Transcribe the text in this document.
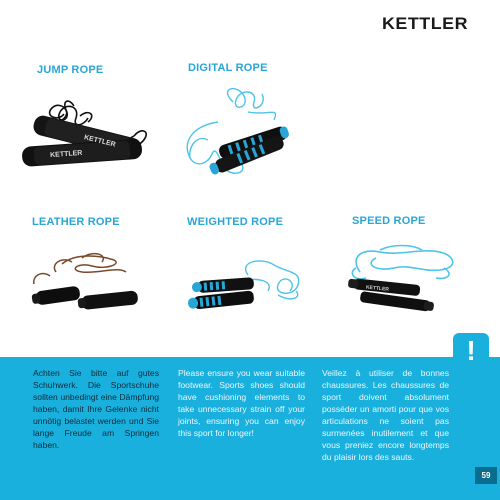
KETTLER
JUMP ROPE	DIGITAL ROPE
LEATHER ROPE	WEIGHTED ROPE	SPEED ROPE
KETTLER
KETTLER
KETTLER
Achten Sie bitte auf gutes Schuhwerk. Die Sportschuhe sollten unbedingt eine Dämpfung haben, damit Ihre Gelenke nicht unnötig belastet werden und Sie lange Freude am Springen haben.
Please ensure you wear suitable footwear. Sports shoes should have cushioning elements to take unnecessary strain off your joints, ensuring you can enjoy this sport for longer!
Veillez à utiliser de bonnes chaussures. Les chaussures de sport doivent absolument posséder un amorti pour que vos articulations ne soient pas surmenées inutilement et que vous preniez encore longtemps du plaisir lors des sauts.
!
59
